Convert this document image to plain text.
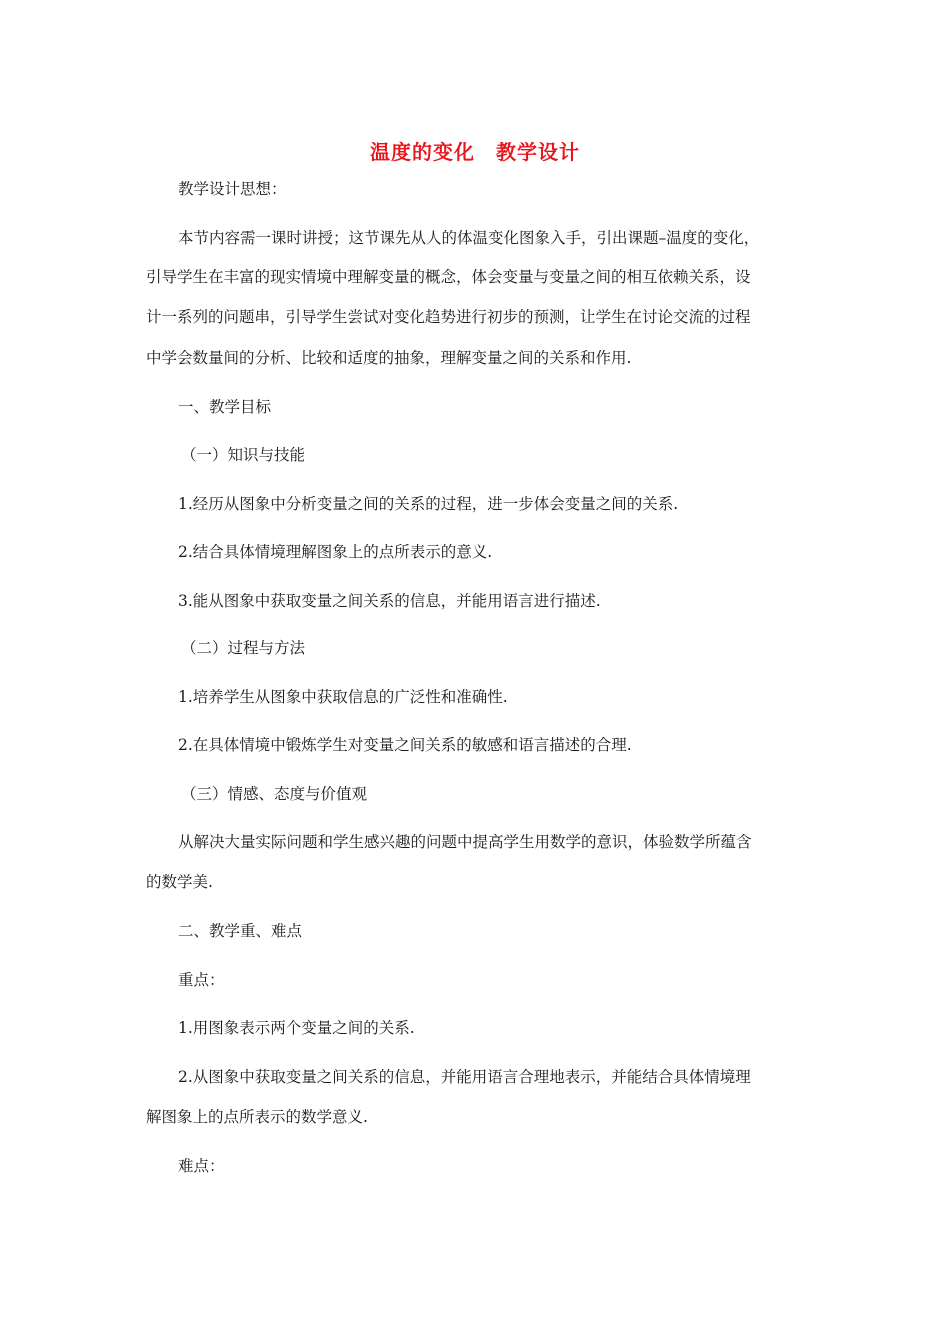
温度的变化　教学设计
教学设计思想：
本节内容需一课时讲授；这节课先从人的体温变化图象入手，引出课题–温度的变化，
引导学生在丰富的现实情境中理解变量的概念，体会变量与变量之间的相互依赖关系，设
计一系列的问题串，引导学生尝试对变化趋势进行初步的预测，让学生在讨论交流的过程
中学会数量间的分析、比较和适度的抽象，理解变量之间的关系和作用.
一、教学目标
（一）知识与技能
1.经历从图象中分析变量之间的关系的过程，进一步体会变量之间的关系.
2.结合具体情境理解图象上的点所表示的意义.
3.能从图象中获取变量之间关系的信息，并能用语言进行描述.
（二）过程与方法
1.培养学生从图象中获取信息的广泛性和准确性.
2.在具体情境中锻炼学生对变量之间关系的敏感和语言描述的合理.
（三）情感、态度与价值观
从解决大量实际问题和学生感兴趣的问题中提高学生用数学的意识，体验数学所蕴含
的数学美.
二、教学重、难点
重点：
1.用图象表示两个变量之间的关系.
2.从图象中获取变量之间关系的信息，并能用语言合理地表示，并能结合具体情境理
解图象上的点所表示的数学意义.
难点：
